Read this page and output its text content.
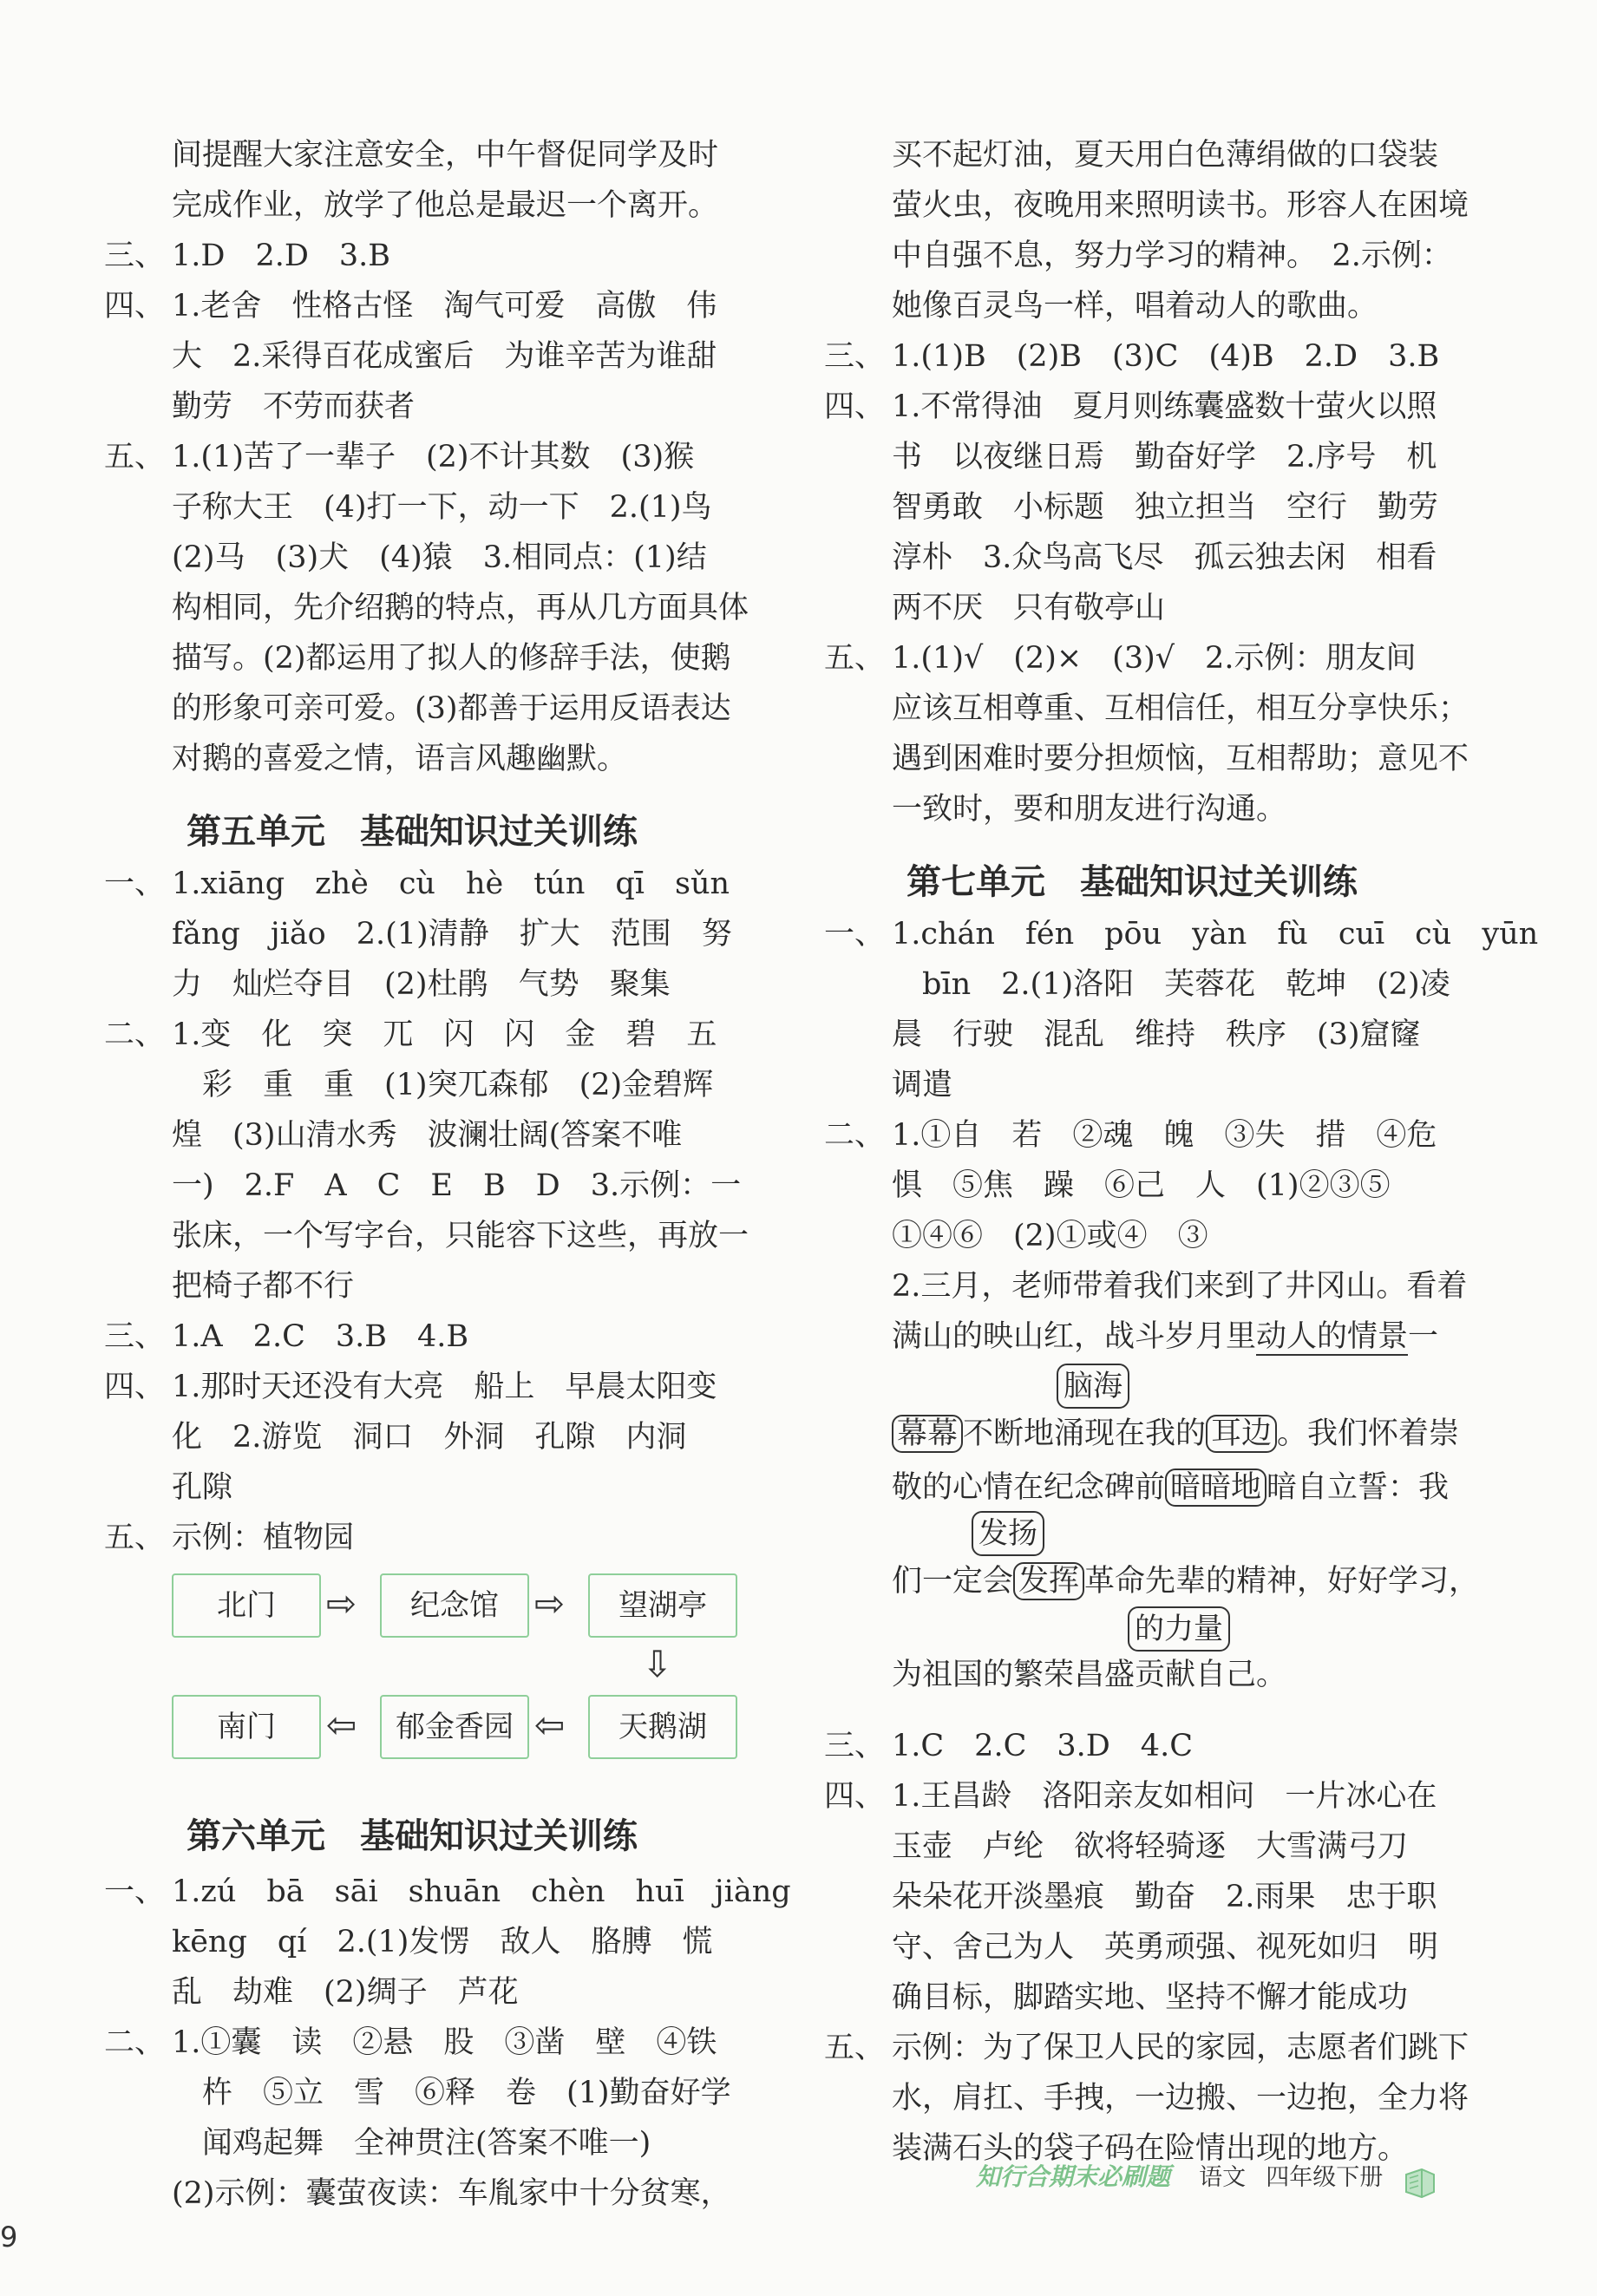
间提醒大家注意安全，中午督促同学及时
完成作业，放学了他总是最迟一个离开。
三、 1.D　2.D　3.B
四、 1.老舍　性格古怪　淘气可爱　高傲　伟
大　2.采得百花成蜜后　为谁辛苦为谁甜
勤劳　不劳而获者
五、 1.(1)苦了一辈子　(2)不计其数　(3)猴
子称大王　(4)打一下，动一下　2.(1)鸟
(2)马　(3)犬　(4)猿　3.相同点：(1)结
构相同，先介绍鹅的特点，再从几方面具体
描写。(2)都运用了拟人的修辞手法，使鹅
的形象可亲可爱。(3)都善于运用反语表达
对鹅的喜爱之情，语言风趣幽默。
第五单元 基础知识过关训练
一、 1.xiāng　zhè　cù　hè　tún　qī　sǔn
fǎng　jiǎo　2.(1)清静　扩大　范围　努
力　灿烂夺目　(2)杜鹃　气势　聚集
二、 1.变　化　突　兀　闪　闪　金　碧　五
　彩　重　重　(1)突兀森郁　(2)金碧辉
煌　(3)山清水秀　波澜壮阔(答案不唯
一)　2.F　A　C　E　B　D　3.示例：一
张床，一个写字台，只能容下这些，再放一
把椅子都不行
三、 1.A　2.C　3.B　4.B
四、 1.那时天还没有大亮　船上　早晨太阳变
化　2.游览　洞口　外洞　孔隙　内洞
孔隙
五、 示例：植物园
北门	⇨	纪念馆 ⇨	望湖亭
⇩
南门	⇦	郁金香园 ⇦	天鹅湖
第六单元 基础知识过关训练
一、 1.zú　bā　sāi　shuān　chèn　huī　jiàng
kēng　qí　2.(1)发愣　敌人　胳膊　慌
乱　劫难　(2)绸子　芦花
二、 1.①囊　读　②悬　股　③凿　壁　④铁
　杵　⑤立　雪　⑥释　卷　(1)勤奋好学
　闻鸡起舞　全神贯注(答案不唯一)
(2)示例：囊萤夜读：车胤家中十分贫寒，
买不起灯油，夏天用白色薄绢做的口袋装
萤火虫，夜晚用来照明读书。形容人在困境
中自强不息，努力学习的精神。　2.示例：
她像百灵鸟一样，唱着动人的歌曲。
三、 1.(1)B　(2)B　(3)C　(4)B　2.D　3.B
四、 1.不常得油　夏月则练囊盛数十萤火以照
书　以夜继日焉　勤奋好学　2.序号　机
智勇敢　小标题　独立担当　空行　勤劳
淳朴　3.众鸟高飞尽　孤云独去闲　相看
两不厌　只有敬亭山
五、 1.(1)√　(2)×　(3)√　2.示例：朋友间
应该互相尊重、互相信任，相互分享快乐；
遇到困难时要分担烦恼，互相帮助；意见不
一致时，要和朋友进行沟通。
第七单元 基础知识过关训练
一、 1.chán　fén　pōu　yàn　fù　cuī　cù　yūn
　bīn　2.(1)洛阳　芙蓉花　乾坤　(2)凌
晨　行驶　混乱　维持　秩序　(3)窟窿
调遣
二、 1.①自　若　②魂　魄　③失　措　④危
惧　⑤焦　躁　⑥己　人　(1)②③⑤
①④⑥　(2)①或④　③
2.三月，老师带着我们来到了井冈山。看着
满山的映山红，战斗岁月里动人的情景一
脑海
幕幕 不断地涌现在我的 耳边 。我们怀着崇
敬的心情在纪念碑前 暗暗地 暗自立誓：我
发扬
们一定会 发挥 革命先辈的精神，好好学习，
的力量
为祖国的繁荣昌盛贡献自己。
三、 1.C　2.C　3.D　4.C
四、 1.王昌龄　洛阳亲友如相问　一片冰心在
玉壶　卢纶　欲将轻骑逐　大雪满弓刀
朵朵花开淡墨痕　勤奋　2.雨果　忠于职
守、舍己为人　英勇顽强、视死如归　明
确目标，脚踏实地、坚持不懈才能成功
五、 示例：为了保卫人民的家园，志愿者们跳下
水，肩扛、手拽，一边搬、一边抱，全力将
装满石头的袋子码在险情出现的地方。
知行合期末必刷题 语文 四年级下册
9
